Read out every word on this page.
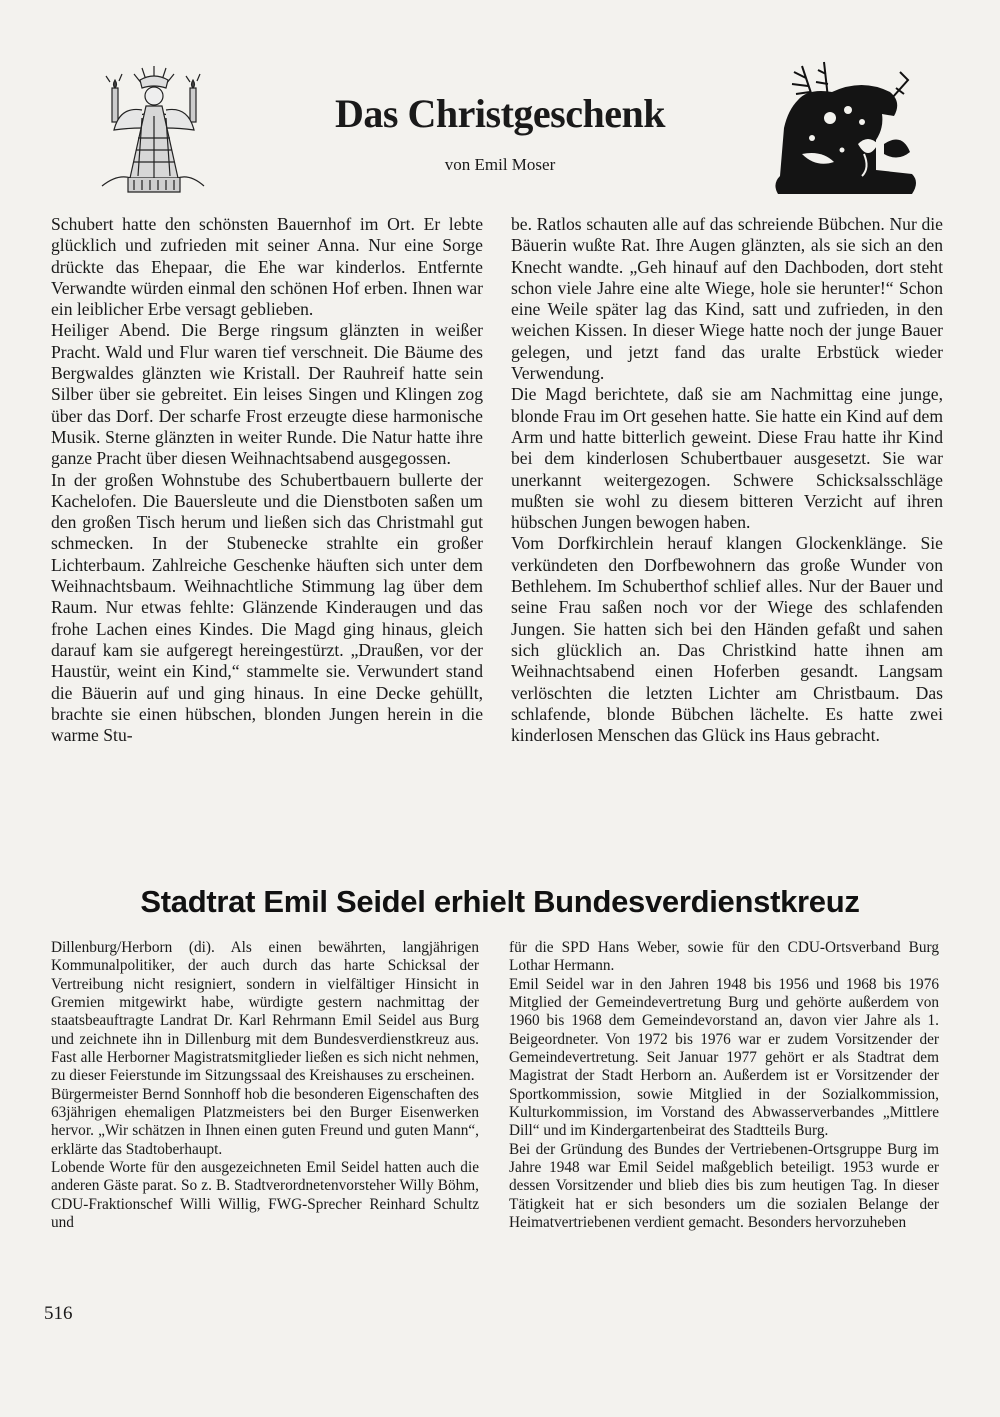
Das Christgeschenk
von Emil Moser

Schubert hatte den schönsten Bauernhof im Ort. Er lebte glücklich und zufrieden mit seiner Anna. Nur eine Sorge drückte das Ehepaar, die Ehe war kinderlos. Entfernte Verwandte würden einmal den schönen Hof erben. Ihnen war ein leiblicher Erbe versagt geblieben.
Heiliger Abend. Die Berge ringsum glänzten in weißer Pracht. Wald und Flur waren tief verschneit. Die Bäume des Bergwaldes glänzten wie Kristall. Der Rauhreif hatte sein Silber über sie gebreitet. Ein leises Singen und Klingen zog über das Dorf. Der scharfe Frost erzeugte diese harmonische Musik. Sterne glänzten in weiter Runde. Die Natur hatte ihre ganze Pracht über diesen Weihnachtsabend ausgegossen.
In der großen Wohnstube des Schubertbauern bullerte der Kachelofen. Die Bauersleute und die Dienstboten saßen um den großen Tisch herum und ließen sich das Christmahl gut schmecken. In der Stubenecke strahlte ein großer Lichterbaum. Zahlreiche Geschenke häuften sich unter dem Weihnachtsbaum. Weihnachtliche Stimmung lag über dem Raum. Nur etwas fehlte: Glänzende Kinderaugen und das frohe Lachen eines Kindes. Die Magd ging hinaus, gleich darauf kam sie aufgeregt hereingestürzt. „Draußen, vor der Haustür, weint ein Kind,“ stammelte sie. Verwundert stand die Bäuerin auf und ging hinaus. In eine Decke gehüllt, brachte sie einen hübschen, blonden Jungen herein in die warme Stu-

be. Ratlos schauten alle auf das schreiende Bübchen. Nur die Bäuerin wußte Rat. Ihre Augen glänzten, als sie sich an den Knecht wandte. „Geh hinauf auf den Dachboden, dort steht schon viele Jahre eine alte Wiege, hole sie herunter!“ Schon eine Weile später lag das Kind, satt und zufrieden, in den weichen Kissen. In dieser Wiege hatte noch der junge Bauer gelegen, und jetzt fand das uralte Erbstück wieder Verwendung.
Die Magd berichtete, daß sie am Nachmittag eine junge, blonde Frau im Ort gesehen hatte. Sie hatte ein Kind auf dem Arm und hatte bitterlich geweint. Diese Frau hatte ihr Kind bei dem kinderlosen Schubertbauer ausgesetzt. Sie war unerkannt weitergezogen. Schwere Schicksalsschläge mußten sie wohl zu diesem bitteren Verzicht auf ihren hübschen Jungen bewogen haben.
Vom Dorfkirchlein herauf klangen Glockenklänge. Sie verkündeten den Dorfbewohnern das große Wunder von Bethlehem. Im Schuberthof schlief alles. Nur der Bauer und seine Frau saßen noch vor der Wiege des schlafenden Jungen. Sie hatten sich bei den Händen gefaßt und sahen sich glücklich an. Das Christkind hatte ihnen am Weihnachtsabend einen Hoferben gesandt. Langsam verlöschten die letzten Lichter am Christbaum. Das schlafende, blonde Bübchen lächelte. Es hatte zwei kinderlosen Menschen das Glück ins Haus gebracht.

Stadtrat Emil Seidel erhielt Bundesverdienstkreuz

Dillenburg/Herborn (di). Als einen bewährten, langjährigen Kommunalpolitiker, der auch durch das harte Schicksal der Vertreibung nicht resigniert, sondern in vielfältiger Hinsicht in Gremien mitgewirkt habe, würdigte gestern nachmittag der staatsbeauftragte Landrat Dr. Karl Rehrmann Emil Seidel aus Burg und zeichnete ihn in Dillenburg mit dem Bundesverdienstkreuz aus. Fast alle Herborner Magistratsmitglieder ließen es sich nicht nehmen, zu dieser Feierstunde im Sitzungssaal des Kreishauses zu erscheinen.
Bürgermeister Bernd Sonnhoff hob die besonderen Eigenschaften des 63jährigen ehemaligen Platzmeisters bei den Burger Eisenwerken hervor. „Wir schätzen in Ihnen einen guten Freund und guten Mann“, erklärte das Stadtoberhaupt.
Lobende Worte für den ausgezeichneten Emil Seidel hatten auch die anderen Gäste parat. So z. B. Stadtverordnetenvorsteher Willy Böhm, CDU-Fraktionschef Willi Willig, FWG-Sprecher Reinhard Schultz und

für die SPD Hans Weber, sowie für den CDU-Ortsverband Burg Lothar Hermann.
Emil Seidel war in den Jahren 1948 bis 1956 und 1968 bis 1976 Mitglied der Gemeindevertretung Burg und gehörte außerdem von 1960 bis 1968 dem Gemeindevorstand an, davon vier Jahre als 1. Beigeordneter. Von 1972 bis 1976 war er zudem Vorsitzender der Gemeindevertretung. Seit Januar 1977 gehört er als Stadtrat dem Magistrat der Stadt Herborn an. Außerdem ist er Vorsitzender der Sportkommission, sowie Mitglied in der Sozialkommission, Kulturkommission, im Vorstand des Abwasserverbandes „Mittlere Dill“ und im Kindergartenbeirat des Stadtteils Burg.
Bei der Gründung des Bundes der Vertriebenen-Ortsgruppe Burg im Jahre 1948 war Emil Seidel maßgeblich beteiligt. 1953 wurde er dessen Vorsitzender und blieb dies bis zum heutigen Tag. In dieser Tätigkeit hat er sich besonders um die sozialen Belange der Heimatvertriebenen verdient gemacht. Besonders hervorzuheben

516
